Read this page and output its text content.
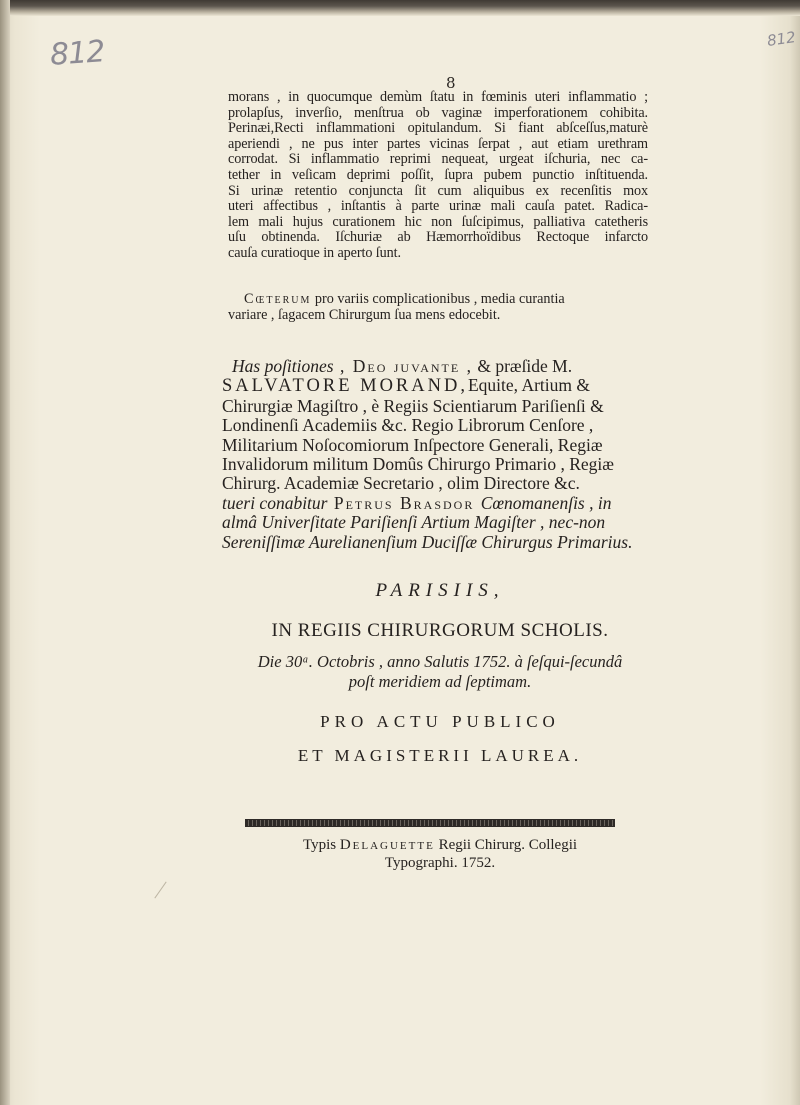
812	812
8
morans , in quocumque demùm ſtatu in fœminis uteri inflammatio ;
prolapſus, inverſio, menſtrua ob vaginæ imperforationem cohibita.
Perinæi,Recti inflammationi opitulandum. Si fiant abſceſſus,maturè
aperiendi , ne pus inter partes vicinas ſerpat , aut etiam urethram
corrodat. Si inflammatio reprimi nequeat, urgeat iſchuria, nec ca-
tether in veſicam deprimi poſſit, ſupra pubem punctio inſtituenda.
Si urinæ retentio conjuncta ſit cum aliquibus ex recenſitis mox
uteri affectibus , inſtantis à parte urinæ mali cauſa patet. Radica-
lem mali hujus curationem hic non ſuſcipimus, palliativa catetheris
uſu obtinenda. Iſchuriæ ab Hæmorrhoïdibus Rectoque infarcto
cauſa curatioque in aperto ſunt.
Cœterum pro variis complicationibus , media curantia
variare , ſagacem Chirurgum ſua mens edocebit.
Has poſitiones , Deo juvante , & præſide M.
SALVATORE MORAND,Equite, Artium &
Chirurgiæ Magiſtro , è Regiis Scientiarum Pariſienſi &
Londinenſi Academiis &c. Regio Librorum Cenſore ,
Militarium Noſocomiorum Inſpectore Generali, Regiæ
Invalidorum militum Domûs Chirurgo Primario , Regiæ
Chirurg. Academiæ Secretario , olim Directore &c.
tueri conabitur Petrus Brasdor Cœnomanenſis , in
almâ Univerſitate Pariſienſi Artium Magiſter , nec-non
Sereniſſimæ Aurelianenſium Duciſſæ Chirurgus Primarius.
PARISIIS,
IN REGIIS CHIRURGORUM SCHOLIS.
Die 30ᵃ. Octobris , anno Salutis 1752. à ſeſqui-ſecundâ
poſt meridiem ad ſeptimam.
PRO ACTU PUBLICO
ET MAGISTERII LAUREA.
Typis Delaguette Regii Chirurg. Collegii
Typographi. 1752.
